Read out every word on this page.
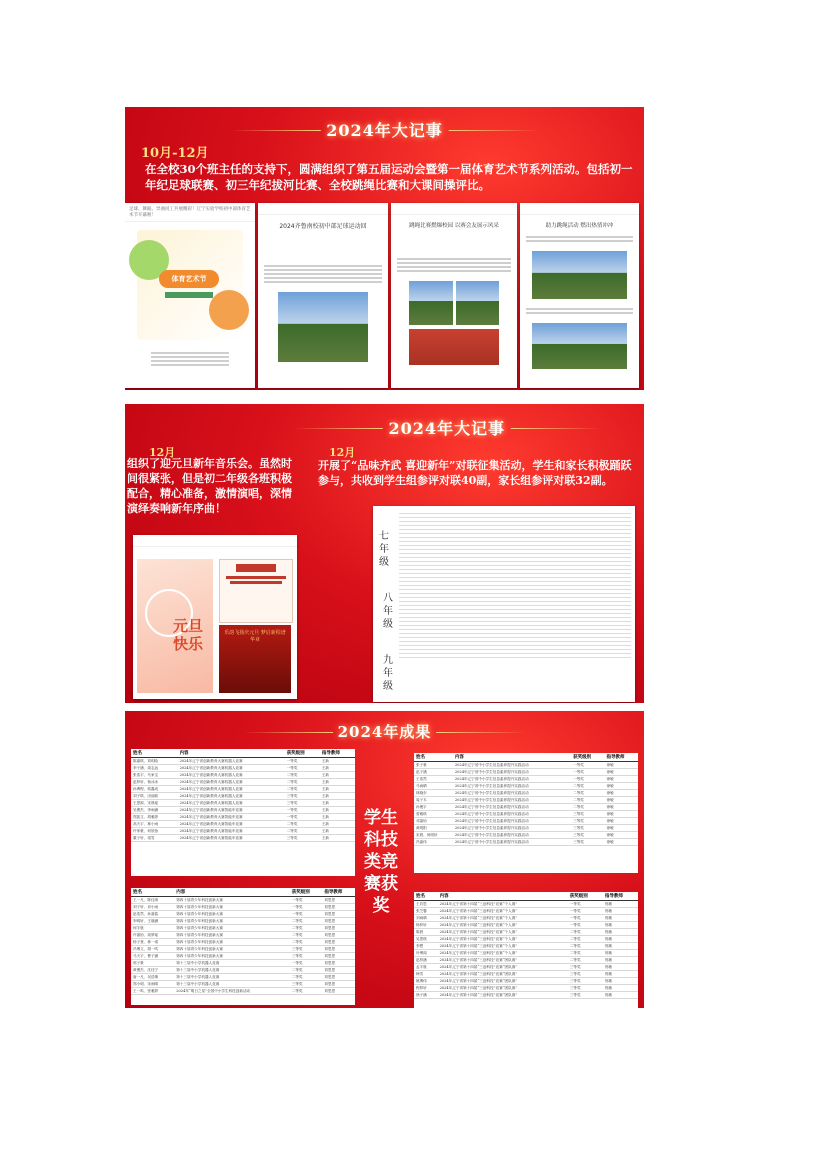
2024年大记事
10月-12月
在全校30个班主任的支持下，圆满组织了第五届运动会暨第一届体育艺术节系列活动。包括初一年纪足球联赛、初三年纪拔河比赛、全校跳绳比赛和大课间操评比。
足球、舞蹈、异曲同工共展精彩！辽宁实验学校初中部体育艺术节开幕啦！
体育艺术节

2024齐鲁南校初中部足球运动回
	跳绳比赛燃爆校园 以赛会友展示风采
	助力跳绳活动 燃出热情冲冲
2024年大记事
12月
组织了迎元旦新年音乐会。虽然时间很紧张，但是初二年级各班积极配合，精心准备，激情演唱，深情演绎奏响新年序曲！
12月
开展了“品味齐武 喜迎新年”对联征集活动，学生和家长积极踊跃参与，共收到学生组参评对联40副，家长组参评对联32副。

元旦快乐
乐韵飞扬庆元旦 梦启新程谱华章
七年级
八年级
九年级
2024年成果
学生科技类竞赛获奖
姓名	内容	获奖级别	指导教师
陈嘉琪、刘玥晗	2024年辽宁省创新教育大赛机器人竞赛	一等奖	王新
李子涵、周志远	2024年辽宁省创新教育大赛机器人竞赛	一等奖	王新
张浩宇、马家宝	2024年辽宁省创新教育大赛机器人竞赛	二等奖	王新
赵梓轩、杨冰冰	2024年辽宁省创新教育大赛机器人竞赛	二等奖	王新
孙博程、郭鑫成	2024年辽宁省创新教育大赛机器人竞赛	二等奖	王新
刘子琪、田丽莉	2024年辽宁省创新教育大赛机器人竞赛	三等奖	王新
王思源、宋晨瑶	2024年辽宁省创新教育大赛机器人竞赛	三等奖	王新
吴俊杰、李雨涵	2024年辽宁省创新教育大赛智能车竞赛	一等奖	王新
郑凯文、胡雅婷	2024年辽宁省创新教育大赛智能车竞赛	一等奖	王新
高天宇、林小雨	2024年辽宁省创新教育大赛智能车竞赛	二等奖	王新
许家豪、何欣怡	2024年辽宁省创新教育大赛智能车竞赛	二等奖	王新
董子轩、梁雪	2024年辽宁省创新教育大赛智能车竞赛	三等奖	王新
姓名	内容	获奖级别	指导教师
张子豪	2024年辽宁省中小学生信息素养提升实践活动	一等奖	徐敏
赵子涵	2024年辽宁省中小学生信息素养提升实践活动	一等奖	徐敏
王浩然	2024年辽宁省中小学生信息素养提升实践活动	一等奖	徐敏
马雨晴	2024年辽宁省中小学生信息素养提升实践活动	二等奖	徐敏
林晓东	2024年辽宁省中小学生信息素养提升实践活动	二等奖	徐敏
周子木	2024年辽宁省中小学生信息素养提升实践活动	二等奖	徐敏
孙俊宇	2024年辽宁省中小学生信息素养提升实践活动	二等奖	徐敏
曾雅琪	2024年辽宁省中小学生信息素养提升实践活动	三等奖	徐敏
邓嘉怡	2024年辽宁省中小学生信息素养提升实践活动	三等奖	徐敏
黄明阳	2024年辽宁省中小学生信息素养提升实践活动	三等奖	徐敏
宋晨、何明轩	2024年辽宁省中小学生信息素养提升实践活动	三等奖	徐敏
冯嘉伟	2024年辽宁省中小学生信息素养提升实践活动	三等奖	徐敏
姓名	内容	获奖级别	指导教师
王一凡、陈佳琪	第四十届青少年科技创新大赛	一等奖	刘思思
刘子轩、邓小雨	第四十届青少年科技创新大赛	一等奖	刘思思
赵浩然、孙嘉铭	第四十届青少年科技创新大赛	一等奖	刘思思
李明轩、王晓涵	第四十届青少年科技创新大赛	二等奖	刘思思
何宇航	第四十届青少年科技创新大赛	二等奖	刘思思
许嘉怡、周梦瑶	第四十届青少年科技创新大赛	二等奖	刘思思
杨子萱、林一诺	第四十届青少年科技创新大赛	二等奖	刘思思
冯博文、胡一鸣	第四十届青少年科技创新大赛	三等奖	刘思思
马天宇、曹子涵	第四十届青少年科技创新大赛	三等奖	刘思思
郭子豪	第十三届中小学机器人竞赛	一等奖	刘思思
黄俊杰、沈佳宁	第十三届中小学机器人竞赛	二等奖	刘思思
唐一凡、吴语嫣	第十三届中小学机器人竞赛	二等奖	刘思思
郑小明、宋雨晴	第十三届中小学机器人竞赛	三等奖	刘思思
王一鸣、张雅婷	2024年“明日之星”全国中小学生科技创新活动	二等奖	刘思思
姓名	内容	获奖级别	指导教师
王若思	2024年辽宁省第十四届“三创科技”竞赛“个人赛”	一等奖	郭敏
张芝馨	2024年辽宁省第十四届“三创科技”竞赛“个人赛”	一等奖	郭敏
刘雨晴	2024年辽宁省第十四届“三创科技”竞赛“个人赛”	一等奖	郭敏
杨梓轩	2024年辽宁省第十四届“三创科技”竞赛“个人赛”	一等奖	郭敏
陈晨	2024年辽宁省第十四届“三创科技”竞赛“个人赛”	二等奖	郭敏
吴思琪	2024年辽宁省第十四届“三创科技”竞赛“个人赛”	二等奖	郭敏
李想	2024年辽宁省第十四届“三创科技”竞赛“个人赛”	二等奖	郭敏
叶博闻	2024年辽宁省第十四届“三创科技”竞赛“个人赛”	二等奖	郭敏
赵梓涵	2024年辽宁省第十四届“三创科技”竞赛“团队赛”	二等奖	郭敏
孟宇航	2024年辽宁省第十四届“三创科技”竞赛“团队赛”	三等奖	郭敏
韩雪	2024年辽宁省第十四届“三创科技”竞赛“团队赛”	三等奖	郭敏
姚博伟	2024年辽宁省第十四届“三创科技”竞赛“团队赛”	三等奖	郭敏
程梓轩	2024年辽宁省第十四届“三创科技”竞赛“团队赛”	三等奖	郭敏
徐子涵	2024年辽宁省第十四届“三创科技”竞赛“团队赛”	三等奖	郭敏
